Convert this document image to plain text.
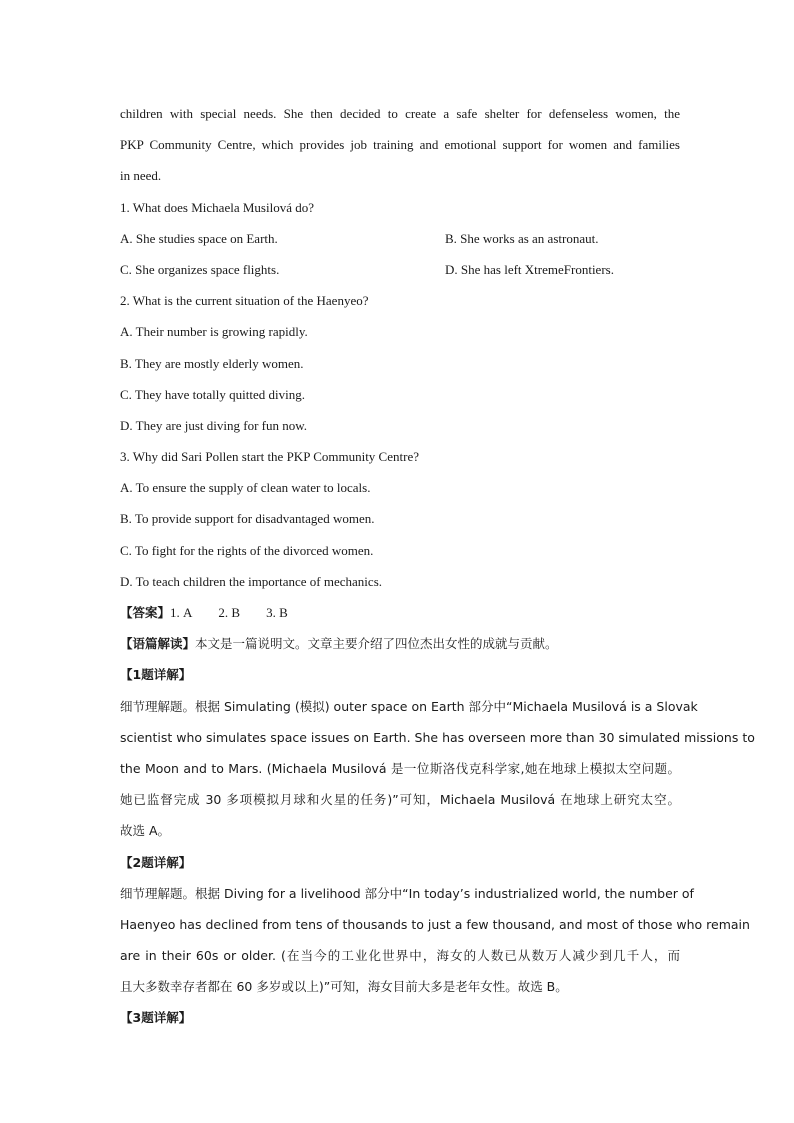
children with special needs. She then decided to create a safe shelter for defenseless women, the
PKP Community Centre, which provides job training and emotional support for women and families
in need.
1. What does Michaela Musilová do?
A. She studies space on Earth.	B. She works as an astronaut.
C. She organizes space flights.	D. She has left XtremeFrontiers.
2. What is the current situation of the Haenyeo?
A. Their number is growing rapidly.
B. They are mostly elderly women.
C. They have totally quitted diving.
D. They are just diving for fun now.
3. Why did Sari Pollen start the PKP Community Centre?
A. To ensure the supply of clean water to locals.
B. To provide support for disadvantaged women.
C. To fight for the rights of the divorced women.
D. To teach children the importance of mechanics.
【答案】1. A 2. B 3. B
【语篇解读】本文是一篇说明文。文章主要介绍了四位杰出女性的成就与贡献。
【1题详解】
细节理解题。根据 Simulating (模拟) outer space on Earth 部分中“Michaela Musilová is a Slovak
scientist who simulates space issues on Earth. She has overseen more than 30 simulated missions to
the Moon and to Mars. (Michaela Musilová 是一位斯洛伐克科学家,她在地球上模拟太空问题。
她已监督完成 30 多项模拟月球和火星的任务)”可知，Michaela Musilová 在地球上研究太空。
故选 A。
【2题详解】
细节理解题。根据 Diving for a livelihood 部分中“In today’s industrialized world, the number of
Haenyeo has declined from tens of thousands to just a few thousand, and most of those who remain
are in their 60s or older. (在当今的工业化世界中，海女的人数已从数万人减少到几千人，而
且大多数幸存者都在 60 多岁或以上)”可知，海女目前大多是老年女性。故选 B。
【3题详解】
